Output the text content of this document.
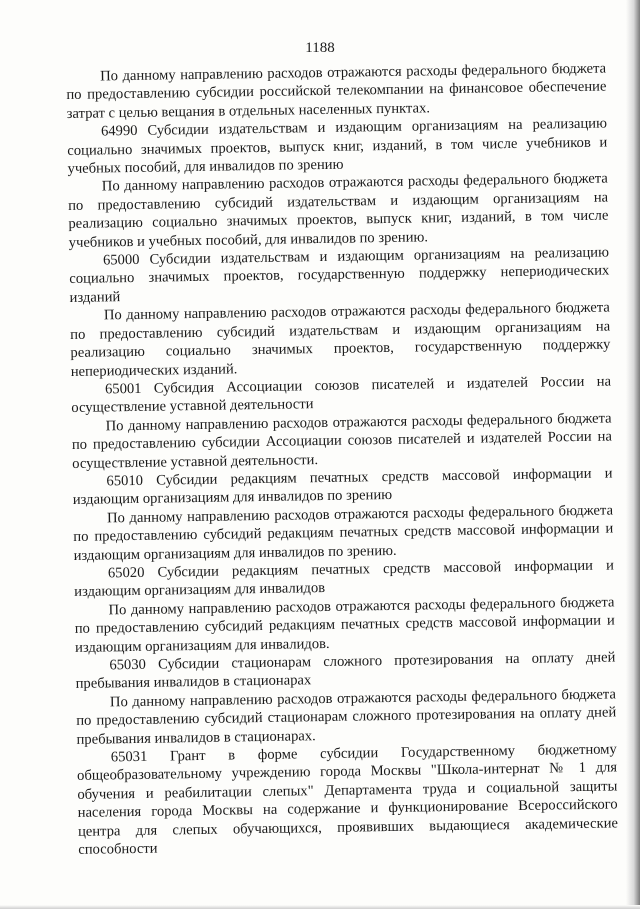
1188

По данному направлению расходов отражаются расходы федерального бюджета по предоставлению субсидии российской телекомпании на финансовое обеспечение затрат с целью вещания в отдельных населенных пунктах.

64990 Субсидии издательствам и издающим организациям на реализацию социально значимых проектов, выпуск книг, изданий, в том числе учебников и учебных пособий, для инвалидов по зрению

По данному направлению расходов отражаются расходы федерального бюджета по предоставлению субсидий издательствам и издающим организациям на реализацию социально значимых проектов, выпуск книг, изданий, в том числе учебников и учебных пособий, для инвалидов по зрению.

65000 Субсидии издательствам и издающим организациям на реализацию социально значимых проектов, государственную поддержку непериодических изданий

По данному направлению расходов отражаются расходы федерального бюджета по предоставлению субсидий издательствам и издающим организациям на реализацию социально значимых проектов, государственную поддержку непериодических изданий.

65001 Субсидия Ассоциации союзов писателей и издателей России на осуществление уставной деятельности

По данному направлению расходов отражаются расходы федерального бюджета по предоставлению субсидии Ассоциации союзов писателей и издателей России на осуществление уставной деятельности.

65010 Субсидии редакциям печатных средств массовой информации и издающим организациям для инвалидов по зрению

По данному направлению расходов отражаются расходы федерального бюджета по предоставлению субсидий редакциям печатных средств массовой информации и издающим организациям для инвалидов по зрению.

65020 Субсидии редакциям печатных средств массовой информации и издающим организациям для инвалидов

По данному направлению расходов отражаются расходы федерального бюджета по предоставлению субсидий редакциям печатных средств массовой информации и издающим организациям для инвалидов.

65030 Субсидии стационарам сложного протезирования на оплату дней пребывания инвалидов в стационарах

По данному направлению расходов отражаются расходы федерального бюджета по предоставлению субсидий стационарам сложного протезирования на оплату дней пребывания инвалидов в стационарах.

65031 Грант в форме субсидии Государственному бюджетному общеобразовательному учреждению города Москвы "Школа-интернат № 1 для обучения и реабилитации слепых" Департамента труда и социальной защиты населения города Москвы на содержание и функционирование Всероссийского центра для слепых обучающихся, проявивших выдающиеся академические способности
